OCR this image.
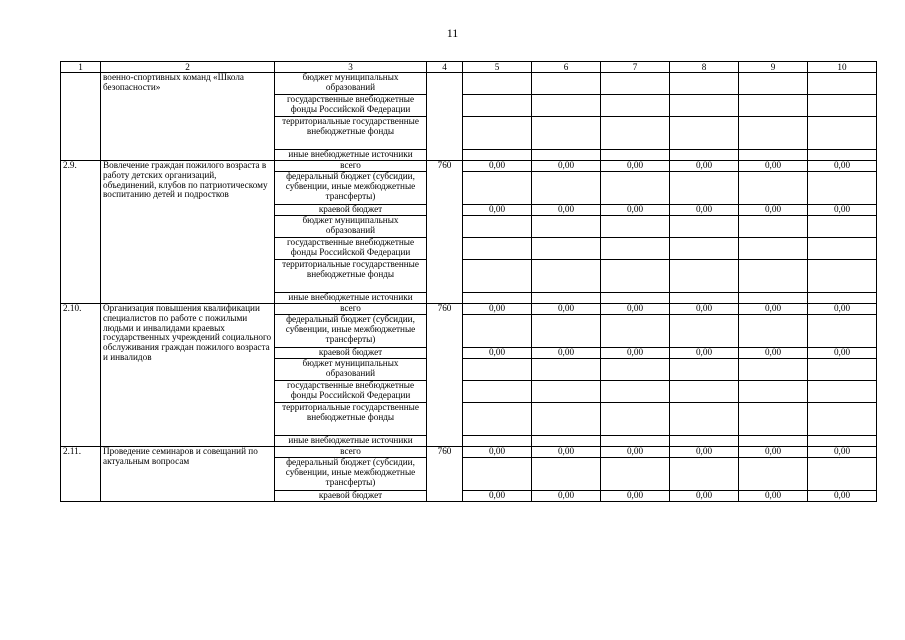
11
1	2	3	4	5	6	7	8	9	10
	военно-спортивных команд «Школа безопасности»	бюджет муниципальных образований							
		государственные внебюджетные фонды Российской Федерации							
		территориальные государственные внебюджетные фонды							
		иные внебюджетные источники							
2.9.	Вовлечение граждан пожилого возраста в работу детских организаций, объединений, клубов по патриотическому воспитанию детей и подростков	всего	760	0,00	0,00	0,00	0,00	0,00	0,00
		федеральный бюджет (субсидии, субвенции, иные межбюджетные трансферты)							
		краевой бюджет		0,00	0,00	0,00	0,00	0,00	0,00
		бюджет муниципальных образований							
		государственные внебюджетные фонды Российской Федерации							
		территориальные государственные внебюджетные фонды							
		иные внебюджетные источники							
2.10.	Организация повышения квалификации специалистов по работе с пожилыми людьми и инвалидами краевых государственных учреждений социального обслуживания граждан пожилого возраста и инвалидов	всего	760	0,00	0,00	0,00	0,00	0,00	0,00
		федеральный бюджет (субсидии, субвенции, иные межбюджетные трансферты)							
		краевой бюджет		0,00	0,00	0,00	0,00	0,00	0,00
		бюджет муниципальных образований							
		государственные внебюджетные фонды Российской Федерации							
		территориальные государственные внебюджетные фонды							
		иные внебюджетные источники							
2.11.	Проведение семинаров и совещаний по актуальным вопросам	всего	760	0,00	0,00	0,00	0,00	0,00	0,00
		федеральный бюджет (субсидии, субвенции, иные межбюджетные трансферты)							
		краевой бюджет		0,00	0,00	0,00	0,00	0,00	0,00
